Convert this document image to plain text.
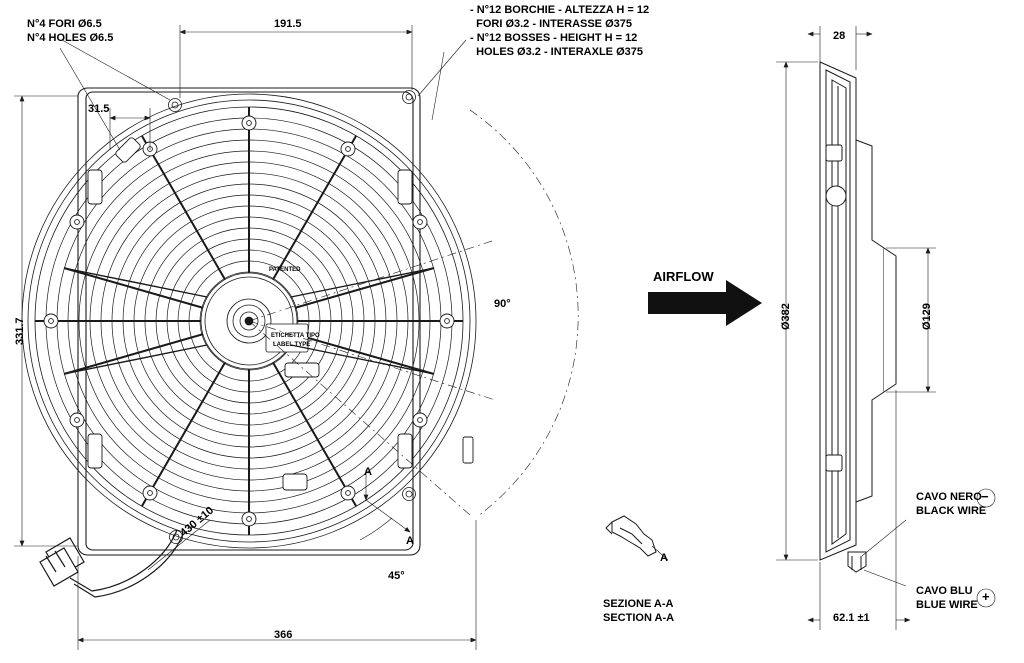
N°4 FORI Ø6.5
N°4 HOLES Ø6.5
- N°12 BORCHIE - ALTEZZA H = 12
FORI Ø3.2 - INTERASSE Ø375
- N°12 BOSSES - HEIGHT H = 12
HOLES Ø3.2 - INTERAXLE Ø375
191.5
31.5
331.7
366
90°
45°
430 ±10
A
A
A
PATENTED
ETICHETTA TIPO
LABEL TYPE
AIRFLOW
28
Ø382	Ø129
62.1 ±1
CAVO NERO
BLACK WIRE
CAVO BLU
BLUE WIRE
−
+
SEZIONE A-A
SECTION A-A
